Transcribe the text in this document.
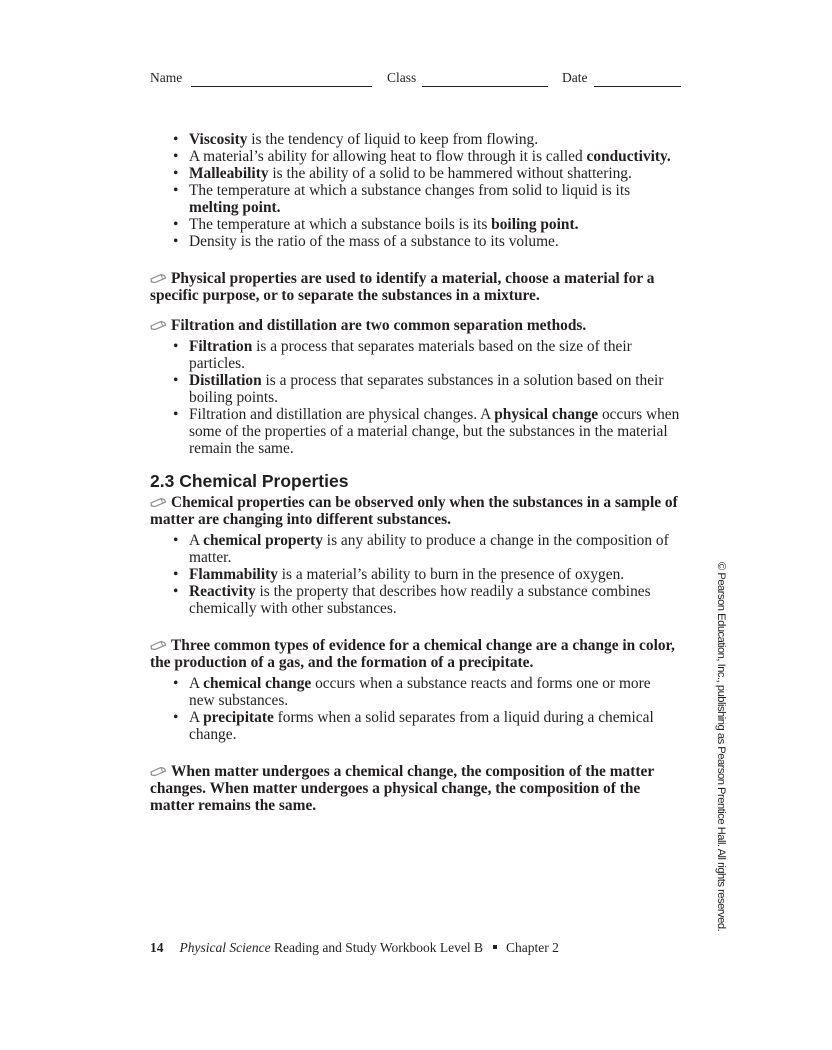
Name	Class	Date
• Viscosity is the tendency of liquid to keep from flowing.
• A material’s ability for allowing heat to flow through it is called conductivity.
• Malleability is the ability of a solid to be hammered without shattering.
• The temperature at which a substance changes from solid to liquid is its melting point.
• The temperature at which a substance boils is its boiling point.
• Density is the ratio of the mass of a substance to its volume.

Physical properties are used to identify a material, choose a material for a specific purpose, or to separate the substances in a mixture.

Filtration and distillation are two common separation methods.

• Filtration is a process that separates materials based on the size of their particles.
• Distillation is a process that separates substances in a solution based on their boiling points.
• Filtration and distillation are physical changes. A physical change occurs when some of the properties of a material change, but the substances in the material remain the same.
2.3 Chemical Properties

Chemical properties can be observed only when the substances in a sample of matter are changing into different substances.

• A chemical property is any ability to produce a change in the composition of matter.
• Flammability is a material’s ability to burn in the presence of oxygen.
• Reactivity is the property that describes how readily a substance combines chemically with other substances.

Three common types of evidence for a chemical change are a change in color, the production of a gas, and the formation of a precipitate.

• A chemical change occurs when a substance reacts and forms one or more new substances.
• A precipitate forms when a solid separates from a liquid during a chemical change.

When matter undergoes a chemical change, the composition of the matter changes. When matter undergoes a physical change, the composition of the matter remains the same.	© Pearson Education, Inc., publishing as Pearson Prentice Hall. All rights reserved.
14 Physical Science Reading and Study Workbook Level B Chapter 2
